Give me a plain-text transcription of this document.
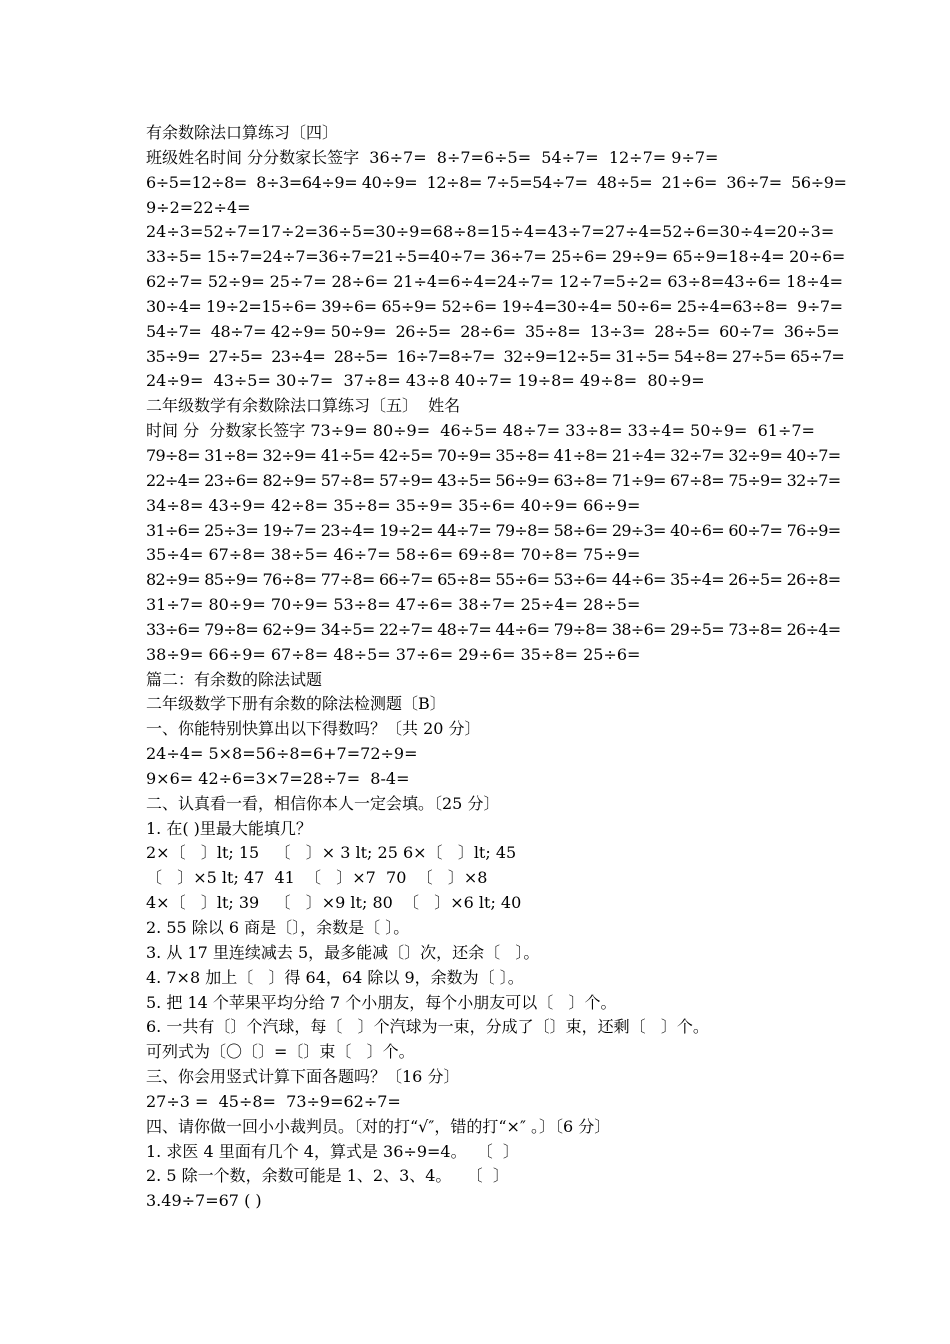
有余数除法口算练习〔四〕
班级姓名时间 分分数家长签字  36÷7=  8÷7=6÷5=  54÷7=  12÷7= 9÷7=
6÷5=12÷8=  8÷3=64÷9= 40÷9=  12÷8= 7÷5=54÷7=  48÷5=  21÷6=  36÷7=  56÷9=
9÷2=22÷4=
24÷3=52÷7=17÷2=36÷5=30÷9=68÷8=15÷4=43÷7=27÷4=52÷6=30÷4=20÷3=
33÷5= 15÷7=24÷7=36÷7=21÷5=40÷7= 36÷7= 25÷6= 29÷9= 65÷9=18÷4= 20÷6=
62÷7= 52÷9= 25÷7= 28÷6= 21÷4=6÷4=24÷7= 12÷7=5÷2= 63÷8=43÷6= 18÷4=
30÷4= 19÷2=15÷6= 39÷6= 65÷9= 52÷6= 19÷4=30÷4= 50÷6= 25÷4=63÷8=  9÷7=
54÷7=  48÷7= 42÷9= 50÷9=  26÷5=  28÷6=  35÷8=  13÷3=  28÷5=  60÷7=  36÷5=
35÷9=  27÷5=  23÷4=  28÷5=  16÷7=8÷7=  32÷9=12÷5= 31÷5= 54÷8= 27÷5= 65÷7=
24÷9=  43÷5= 30÷7=  37÷8= 43÷8 40÷7= 19÷8= 49÷8=  80÷9=
二年级数学有余数除法口算练习〔五〕  姓名
时间 分  分数家长签字 73÷9= 80÷9=  46÷5= 48÷7= 33÷8= 33÷4= 50÷9=  61÷7=
79÷8= 31÷8= 32÷9= 41÷5= 42÷5= 70÷9= 35÷8= 41÷8= 21÷4= 32÷7= 32÷9= 40÷7=
22÷4= 23÷6= 82÷9= 57÷8= 57÷9= 43÷5= 56÷9= 63÷8= 71÷9= 67÷8= 75÷9= 32÷7=
34÷8= 43÷9= 42÷8= 35÷8= 35÷9= 35÷6= 40÷9= 66÷9=
31÷6= 25÷3= 19÷7= 23÷4= 19÷2= 44÷7= 79÷8= 58÷6= 29÷3= 40÷6= 60÷7= 76÷9=
35÷4= 67÷8= 38÷5= 46÷7= 58÷6= 69÷8= 70÷8= 75÷9=
82÷9= 85÷9= 76÷8= 77÷8= 66÷7= 65÷8= 55÷6= 53÷6= 44÷6= 35÷4= 26÷5= 26÷8=
31÷7= 80÷9= 70÷9= 53÷8= 47÷6= 38÷7= 25÷4= 28÷5=
33÷6= 79÷8= 62÷9= 34÷5= 22÷7= 48÷7= 44÷6= 79÷8= 38÷6= 29÷5= 73÷8= 26÷4=
38÷9= 66÷9= 67÷8= 48÷5= 37÷6= 29÷6= 35÷8= 25÷6=
篇二：有余数的除法试题
二年级数学下册有余数的除法检测题〔B〕
一、你能特别快算出以下得数吗？〔共 20 分〕
24÷4= 5×8=56÷8=6+7=72÷9=
9×6= 42÷6=3×7=28÷7=  8-4=
二、认真看一看，相信你本人一定会填。〔25 分〕
1. 在( )里最大能填几？
2×〔   〕lt; 15   〔   〕× 3 lt; 25 6×〔   〕lt; 45
〔   〕×5 lt; 47  41  〔   〕×7  70  〔   〕×8
4×〔   〕lt; 39   〔   〕×9 lt; 80  〔   〕×6 lt; 40
2. 55 除以 6 商是〔〕，余数是〔 〕。
3. 从 17 里连续减去 5，最多能减〔〕次，还余〔   〕。
4. 7×8 加上〔   〕得 64，64 除以 9，余数为〔 〕。
5. 把 14 个苹果平均分给 7 个小朋友，每个小朋友可以〔   〕个。
6. 一共有〔〕个汽球，每〔   〕个汽球为一束，分成了〔〕束，还剩〔   〕个。
可列式为〔〇〔〕=〔〕束〔   〕个。
三、你会用竖式计算下面各题吗？〔16 分〕
27÷3 =  45÷8=  73÷9=62÷7=
四、请你做一回小小裁判员。〔对的打“√″，错的打“×″ 。〕〔6 分〕
1. 求医 4 里面有几个 4，算式是 36÷9=4。  〔  〕
2. 5 除一个数，余数可能是 1、2、3、4。   〔  〕
3.49÷7=67 ( )
